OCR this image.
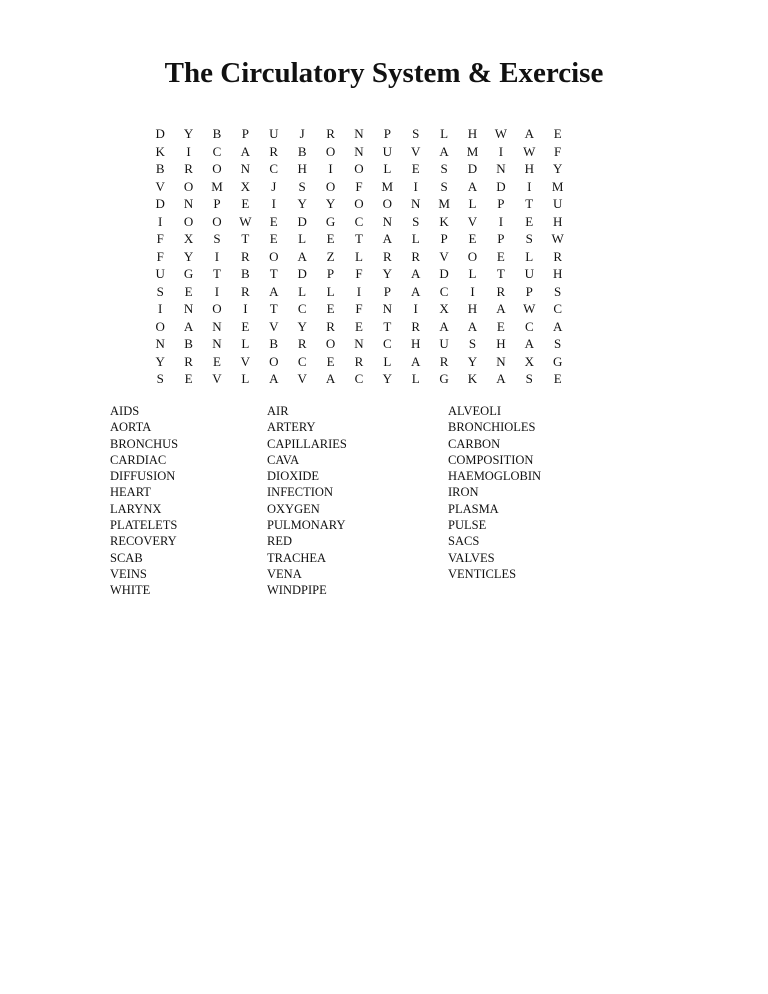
The Circulatory System & Exercise
D Y B P U J R N P S L H W A E
K I C A R B O N U V A M I W F
B R O N C H I O L E S D N H Y
V O M X J S O F M I S A D I M
D N P E I Y Y O O N M L P T U
I O O W E D G C N S K V I E H
F X S T E L E T A L P E P S W
F Y I R O A Z L R R V O E L R
U G T B T D P F Y A D L T U H
S E I R A L L I P A C I R P S
I N O I T C E F N I X H A W C
O A N E V Y R E T R A A E C A
N B N L B R O N C H U S H A S
Y R E V O C E R L A R Y N X G
S E V L A V A C Y L G K A S E
AIDS
AORTA
BRONCHUS
CARDIAC
DIFFUSION
HEART
LARYNX
PLATELETS
RECOVERY
SCAB
VEINS
WHITE
AIR
ARTERY
CAPILLARIES
CAVA
DIOXIDE
INFECTION
OXYGEN
PULMONARY
RED
TRACHEA
VENA
WINDPIPE
ALVEOLI
BRONCHIOLES
CARBON
COMPOSITION
HAEMOGLOBIN
IRON
PLASMA
PULSE
SACS
VALVES
VENTICLES
